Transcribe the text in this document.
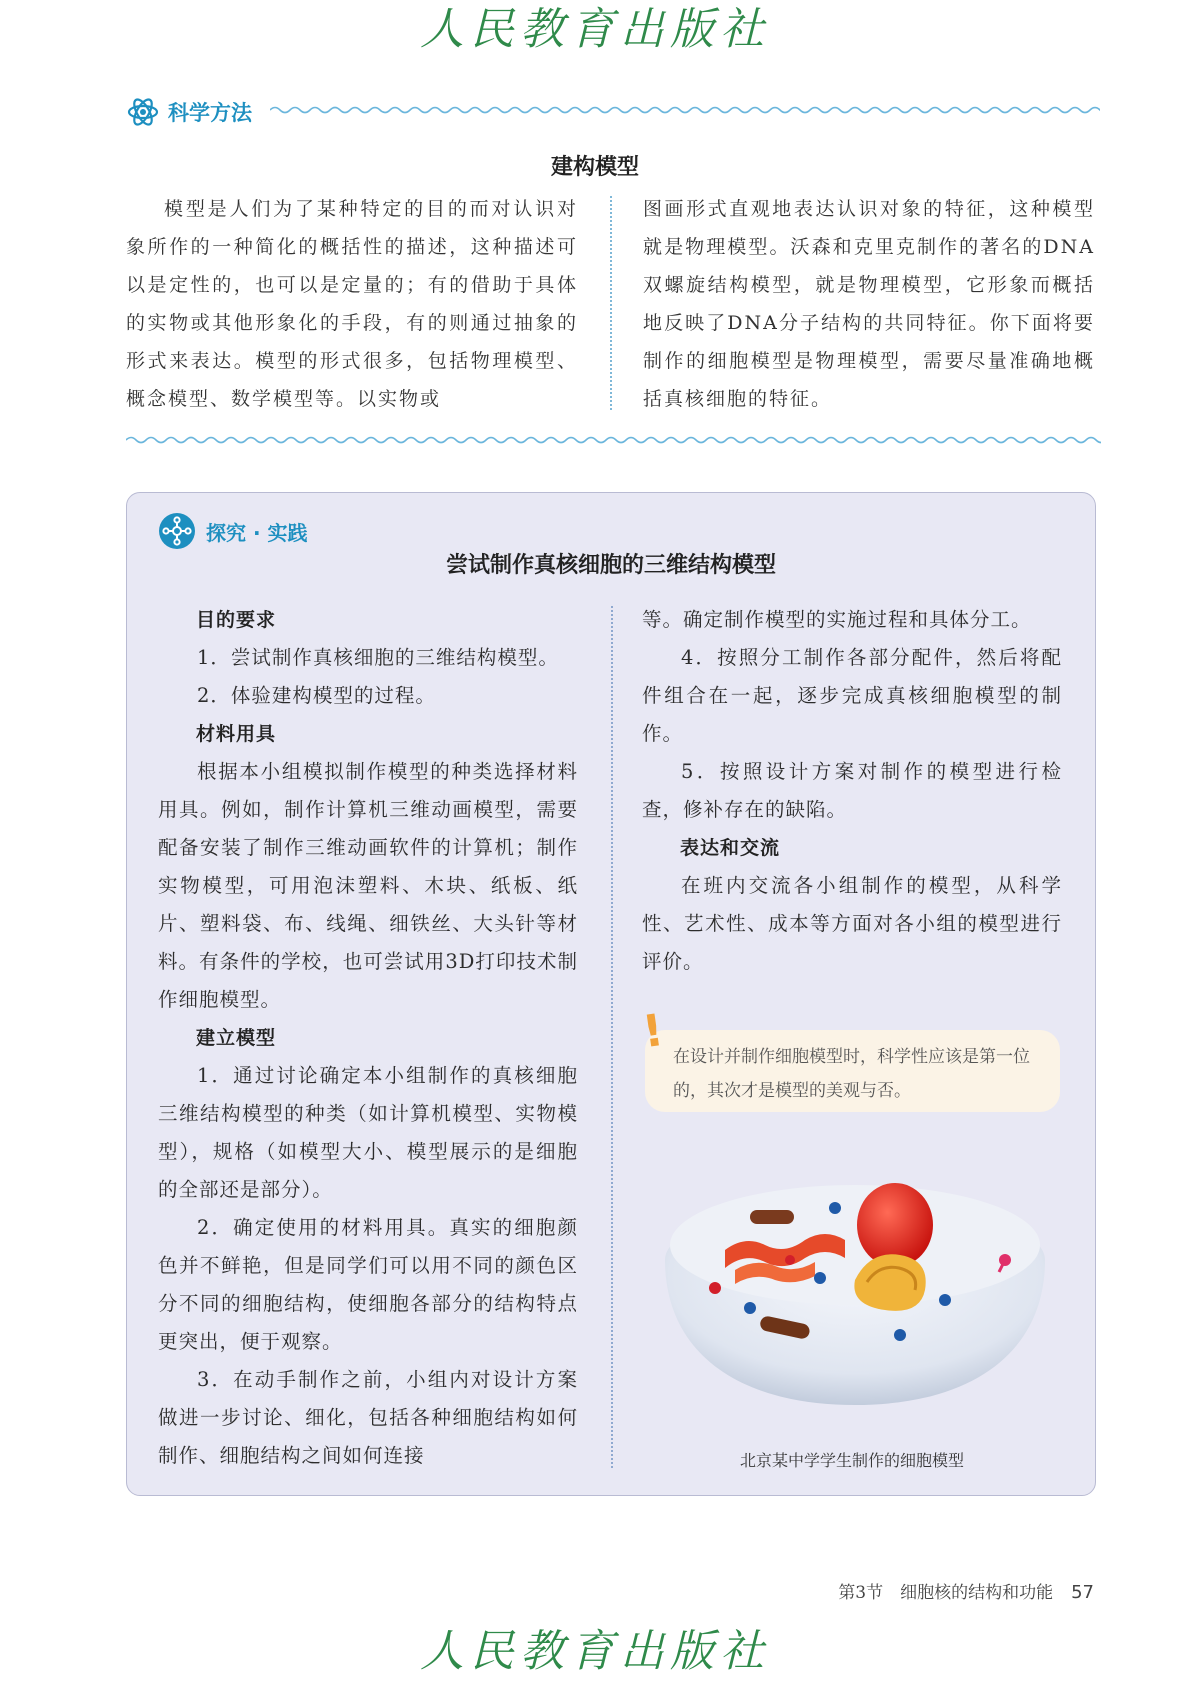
人民教育出版社
科学方法
建构模型
模型是人们为了某种特定的目的而对认识对象所作的一种简化的概括性的描述，这种描述可以是定性的，也可以是定量的；有的借助于具体的实物或其他形象化的手段，有的则通过抽象的形式来表达。模型的形式很多，包括物理模型、概念模型、数学模型等。以实物或
图画形式直观地表达认识对象的特征，这种模型就是物理模型。沃森和克里克制作的著名的DNA双螺旋结构模型，就是物理模型，它形象而概括地反映了DNA分子结构的共同特征。你下面将要制作的细胞模型是物理模型，需要尽量准确地概括真核细胞的特征。
探究 · 实践
尝试制作真核细胞的三维结构模型

目的要求

1．尝试制作真核细胞的三维结构模型。

2．体验建构模型的过程。

材料用具

根据本小组模拟制作模型的种类选择材料用具。例如，制作计算机三维动画模型，需要配备安装了制作三维动画软件的计算机；制作实物模型，可用泡沫塑料、木块、纸板、纸片、塑料袋、布、线绳、细铁丝、大头针等材料。有条件的学校，也可尝试用3D打印技术制作细胞模型。

建立模型

1．通过讨论确定本小组制作的真核细胞三维结构模型的种类（如计算机模型、实物模型），规格（如模型大小、模型展示的是细胞的全部还是部分）。

2．确定使用的材料用具。真实的细胞颜色并不鲜艳，但是同学们可以用不同的颜色区分不同的细胞结构，使细胞各部分的结构特点更突出，便于观察。

3．在动手制作之前，小组内对设计方案做进一步讨论、细化，包括各种细胞结构如何制作、细胞结构之间如何连接

等。确定制作模型的实施过程和具体分工。

4．按照分工制作各部分配件，然后将配件组合在一起，逐步完成真核细胞模型的制作。

5．按照设计方案对制作的模型进行检查，修补存在的缺陷。

表达和交流

在班内交流各小组制作的模型，从科学性、艺术性、成本等方面对各小组的模型进行评价。

在设计并制作细胞模型时，科学性应该是第一位的，其次才是模型的美观与否。
!
北京某中学学生制作的细胞模型
第3节　细胞核的结构和功能 57
人民教育出版社
